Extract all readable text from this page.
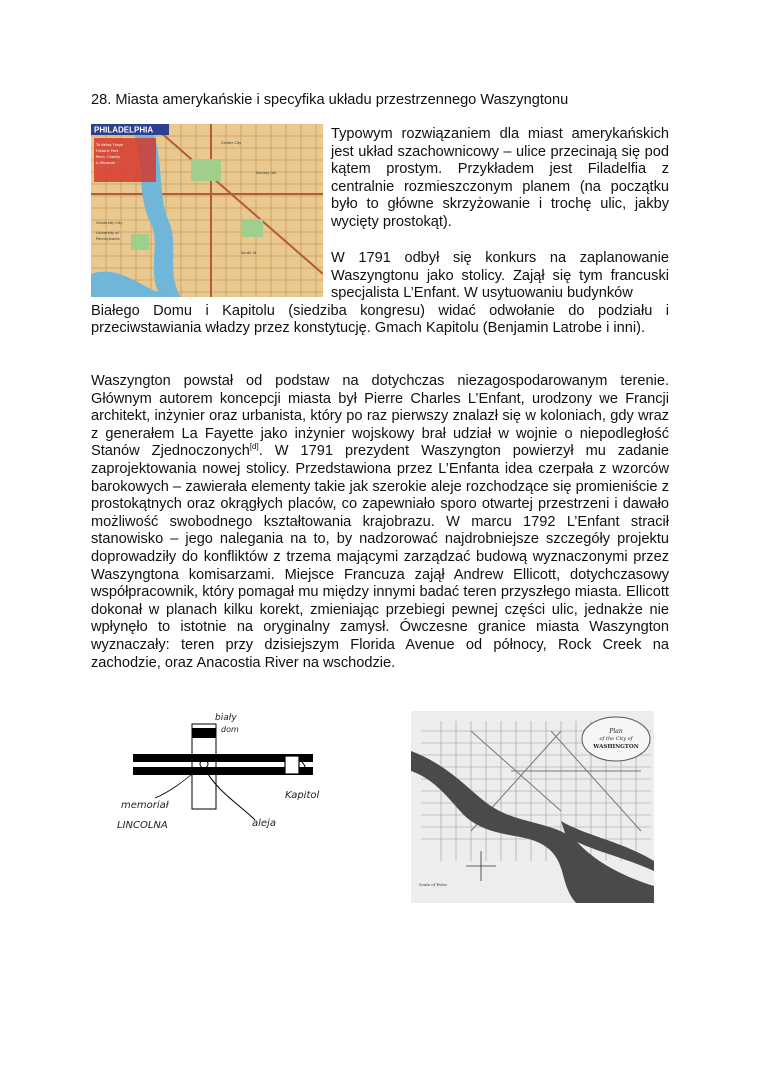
28. Miasta amerykańskie i specyfika układu przestrzennego Waszyngtonu
To Valley Forge
Historic Park
Penn. Charity
& Museum
PHILADELPHIA
Center City
Society Hill
University City
University of
Pennsylvania
South St
Typowym rozwiązaniem dla miast amerykańskich jest układ szachownicowy – ulice przecinają się pod kątem prostym. Przykładem jest Filadelfia z centralnie rozmieszczonym planem (na początku było to główne skrzyżowanie i trochę ulic, jakby wycięty prostokąt).
W 1791 odbył się konkurs na zaplanowanie Waszyngtonu jako stolicy. Zajął się tym francuski specjalista L’Enfant. W usytuowaniu budynków
Białego Domu i Kapitolu (siedziba kongresu) widać odwołanie do podziału i przeciwstawiania władzy przez konstytucję. Gmach Kapitolu (Benjamin Latrobe i inni).
Waszyngton powstał od podstaw na dotychczas niezagospodarowanym terenie. Głównym autorem koncepcji miasta był Pierre Charles L’Enfant, urodzony we Francji architekt, inżynier oraz urbanista, który po raz pierwszy znalazł się w koloniach, gdy wraz z generałem La Fayette jako inżynier wojskowy brał udział w wojnie o niepodległość Stanów Zjednoczonych[d]. W 1791 prezydent Waszyngton powierzył mu zadanie zaprojektowania nowej stolicy. Przedstawiona przez L’Enfanta idea czerpała z wzorców barokowych – zawierała elementy takie jak szerokie aleje rozchodzące się promieniście z prostokątnych oraz okrągłych placów, co zapewniało sporo otwartej przestrzeni i dawało możliwość swobodnego kształtowania krajobrazu. W marcu 1792 L’Enfant stracił stanowisko – jego nalegania na to, by nadzorować najdrobniejsze szczegóły projektu doprowadziły do konfliktów z trzema mającymi zarządzać budową wyznaczonymi przez Waszyngtona komisarzami. Miejsce Francuza zajął Andrew Ellicott, dotychczasowy współpracownik, który pomagał mu między innymi badać teren przyszłego miasta. Ellicott dokonał w planach kilku korekt, zmieniając przebiegi pewnej części ulic, jednakże nie wpłynęło to istotnie na oryginalny zamysł. Ówczesne granice miasta Waszyngton wyznaczały: teren przy dzisiejszym Florida Avenue od północy, Rock Creek na zachodzie, oraz Anacostia River na wschodzie.
biały
dom
memoriał
LINCOLNA
Kapitol
aleja
Plan
of the City of
WASHINGTON
Scale of Poles
